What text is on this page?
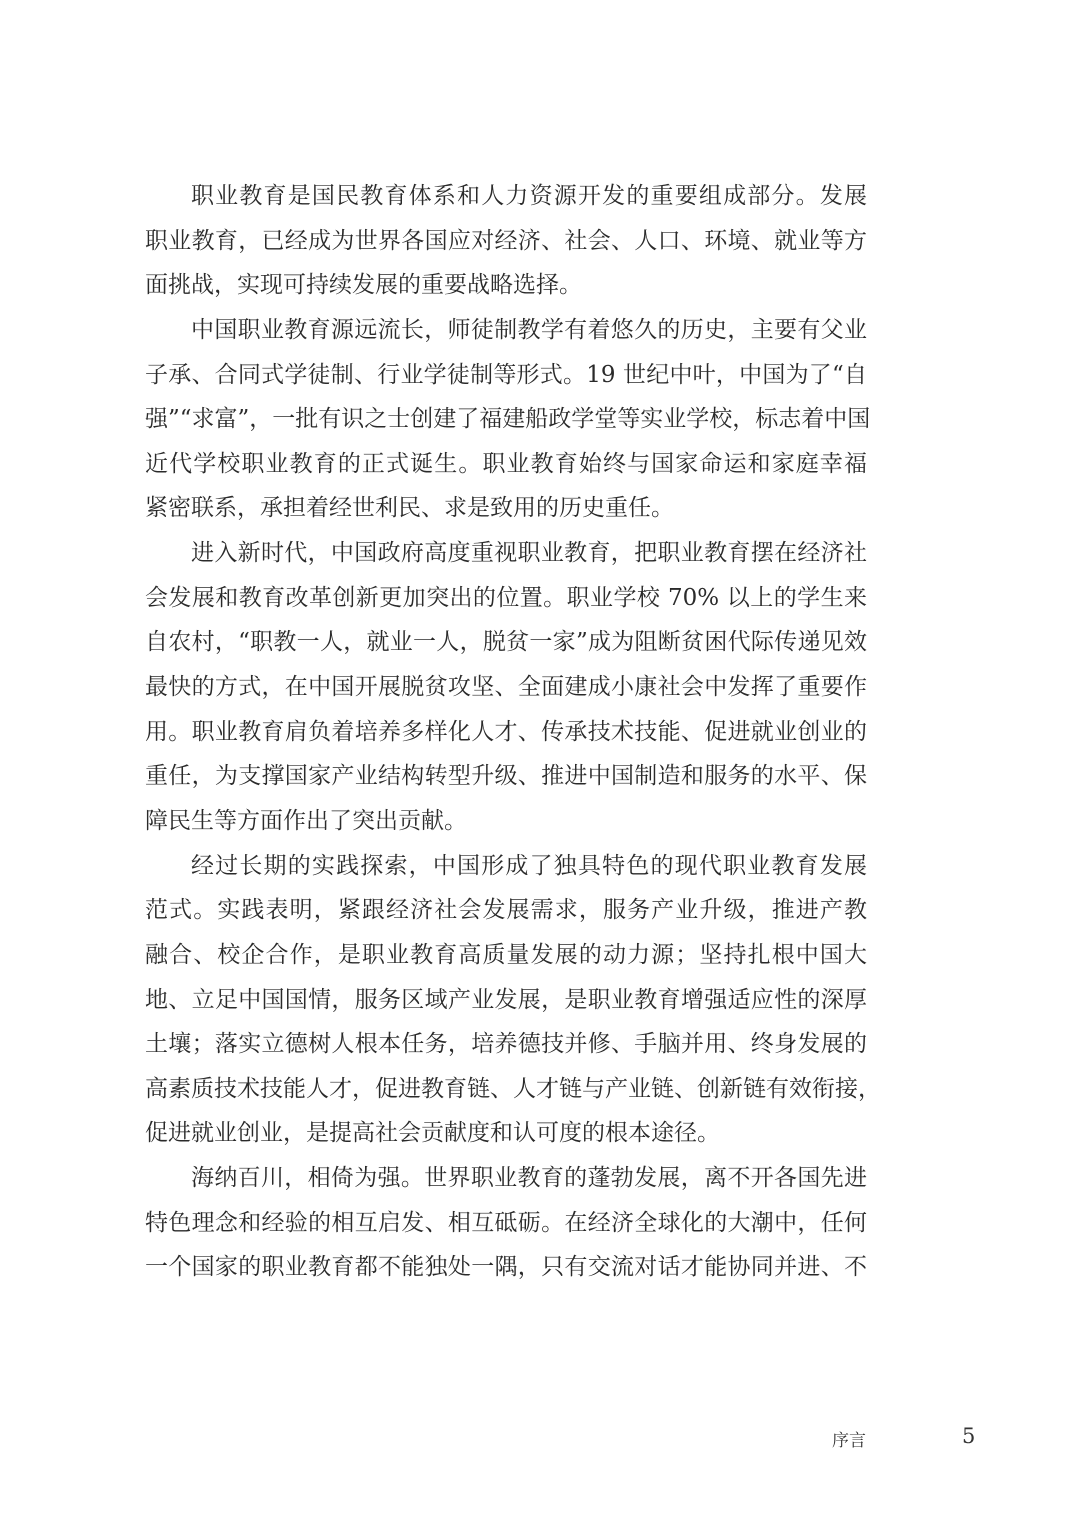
职业教育是国民教育体系和人力资源开发的重要组成部分。发展
职业教育，已经成为世界各国应对经济、社会、人口、环境、就业等方
面挑战，实现可持续发展的重要战略选择。
中国职业教育源远流长，师徒制教学有着悠久的历史，主要有父业
子承、合同式学徒制、行业学徒制等形式。19 世纪中叶，中国为了“自
强”“求富”，一批有识之士创建了福建船政学堂等实业学校，标志着中国
近代学校职业教育的正式诞生。职业教育始终与国家命运和家庭幸福
紧密联系，承担着经世利民、求是致用的历史重任。
进入新时代，中国政府高度重视职业教育，把职业教育摆在经济社
会发展和教育改革创新更加突出的位置。职业学校 70% 以上的学生来
自农村，“职教一人，就业一人，脱贫一家”成为阻断贫困代际传递见效
最快的方式，在中国开展脱贫攻坚、全面建成小康社会中发挥了重要作
用。职业教育肩负着培养多样化人才、传承技术技能、促进就业创业的
重任，为支撑国家产业结构转型升级、推进中国制造和服务的水平、保
障民生等方面作出了突出贡献。
经过长期的实践探索，中国形成了独具特色的现代职业教育发展
范式。实践表明，紧跟经济社会发展需求，服务产业升级，推进产教
融合、校企合作，是职业教育高质量发展的动力源；坚持扎根中国大
地、立足中国国情，服务区域产业发展，是职业教育增强适应性的深厚
土壤；落实立德树人根本任务，培养德技并修、手脑并用、终身发展的
高素质技术技能人才，促进教育链、人才链与产业链、创新链有效衔接，
促进就业创业，是提高社会贡献度和认可度的根本途径。
海纳百川，相倚为强。世界职业教育的蓬勃发展，离不开各国先进
特色理念和经验的相互启发、相互砥砺。在经济全球化的大潮中，任何
一个国家的职业教育都不能独处一隅，只有交流对话才能协同并进、不
序言	5
